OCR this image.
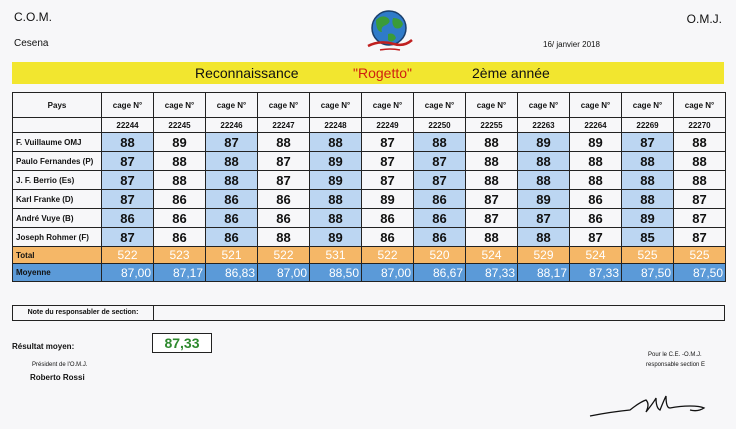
C.O.M.
Cesena
O.M.J.
16/ janvier 2018
Reconnaissance	"Rogetto"	2ème année
Pays	cage N°	cage N°	cage N°	cage N°	cage N°	cage N°	cage N°	cage N°	cage N°	cage N°	cage N°	cage N°
	22244	22245	22246	22247	22248	22249	22250	22255	22263	22264	22269	22270
F. Vuillaume OMJ	88	89	87	88	88	87	88	88	89	89	87	88
Paulo Fernandes (P)	87	88	88	87	89	87	87	88	88	88	88	88
J. F. Berrio (Es)	87	88	88	87	89	87	87	88	88	88	88	88
Karl Franke (D)	87	86	86	86	88	89	86	87	89	86	88	87
André Vuye (B)	86	86	86	86	88	86	86	87	87	86	89	87
Joseph Rohmer (F)	87	86	86	88	89	86	86	88	88	87	85	87
Total	522	523	521	522	531	522	520	524	529	524	525	525
Moyenne	87,00	87,17	86,83	87,00	88,50	87,00	86,67	87,33	88,17	87,33	87,50	87,50
Note du responsabler de section:
Résultat moyen:	87,33
Président de l'O.M.J.
Roberto Rossi
Pour le C.E. -O.M.J.
responsable section E
